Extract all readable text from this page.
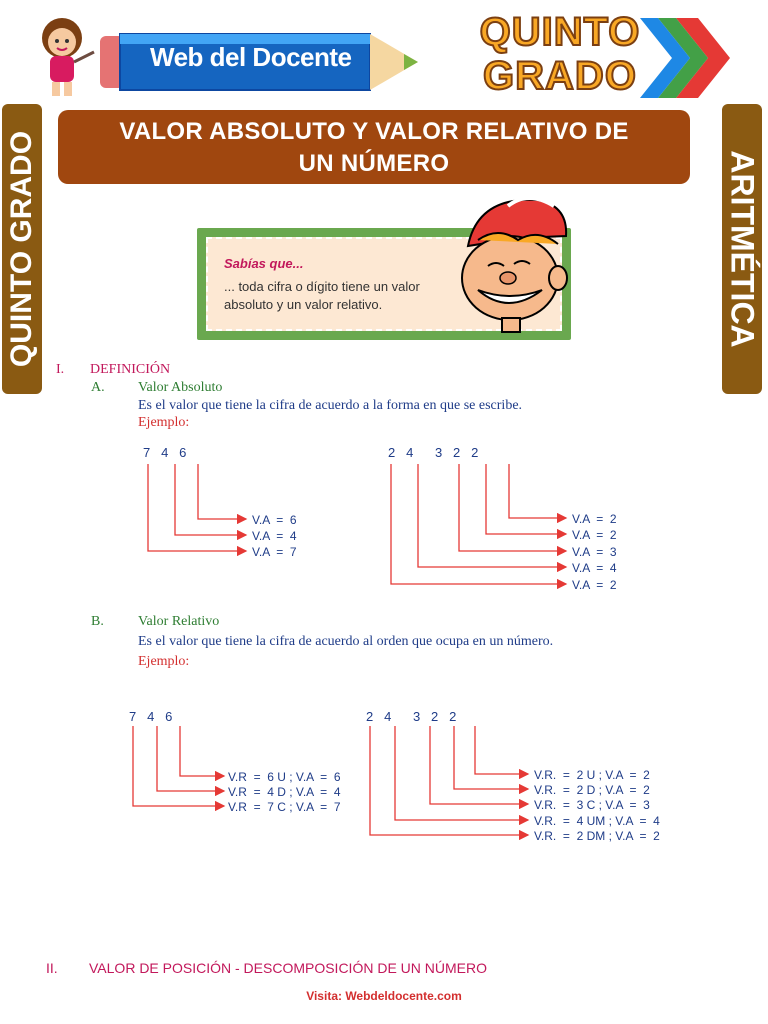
Web del Docente
QUINTO
GRADO
QUINTO GRADO	ARITMÉTICA
VALOR ABSOLUTO Y VALOR RELATIVO DE
UN NÚMERO
Sabías que...
... toda cifra o dígito tiene un valor absoluto y un valor relativo.
I. DEFINICIÓN
A. Valor Absoluto
Es el valor que tiene la cifra de acuerdo a la forma en que se escribe.
Ejemplo:
7   4   6	2   4      3   2   2
V.A  =  6
V.A  =  4
V.A  =  7
V.A  =  2
V.A  =  2
V.A  =  3
V.A  =  4
V.A  =  2
B. Valor Relativo
Es el valor que tiene la cifra de acuerdo al orden que ocupa en un número.
Ejemplo:
7   4   6	2   4      3   2   2
V.R  =  6 U ; V.A  =  6
V.R  =  4 D ; V.A  =  4
V.R  =  7 C ; V.A  =  7
V.R.  =  2 U ; V.A  =  2
V.R.  =  2 D ; V.A  =  2
V.R.  =  3 C ; V.A  =  3
V.R.  =  4 UM ; V.A  =  4
V.R.  =  2 DM ; V.A  =  2
II. VALOR DE POSICIÓN - DESCOMPOSICIÓN DE UN NÚMERO
Visita: Webdeldocente.com
